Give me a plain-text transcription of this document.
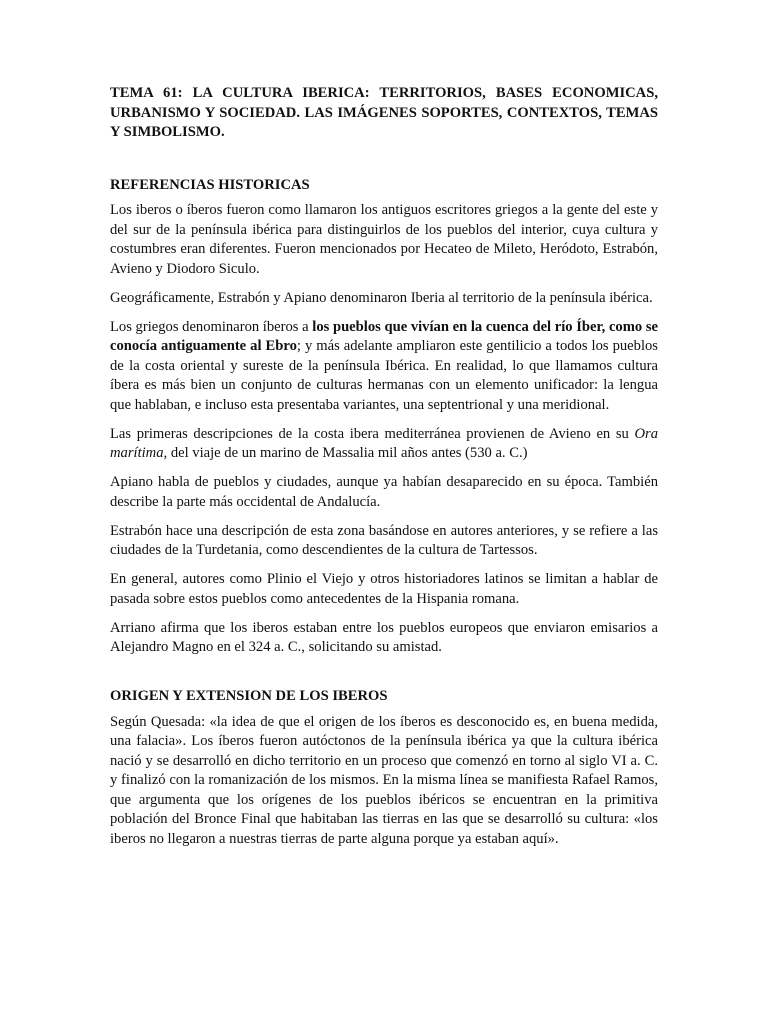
TEMA 61: LA CULTURA IBERICA: TERRITORIOS, BASES ECONOMICAS, URBANISMO Y SOCIEDAD. LAS IMÁGENES SOPORTES, CONTEXTOS, TEMAS Y SIMBOLISMO.
REFERENCIAS HISTORICAS

Los iberos o íberos fueron como llamaron los antiguos escritores griegos a la gente del este y del sur de la península ibérica para distinguirlos de los pueblos del interior, cuya cultura y costumbres eran diferentes. Fueron mencionados por Hecateo de Mileto, Heródoto, Estrabón, Avieno y Diodoro Siculo.

Geográficamente, Estrabón y Apiano denominaron Iberia al territorio de la península ibérica.

Los griegos denominaron íberos a los pueblos que vivían en la cuenca del río Íber, como se conocía antiguamente al Ebro; y más adelante ampliaron este gentilicio a todos los pueblos de la costa oriental y sureste de la península Ibérica. En realidad, lo que llamamos cultura íbera es más bien un conjunto de culturas hermanas con un elemento unificador: la lengua que hablaban, e incluso esta presentaba variantes, una septentrional y una meridional.

Las primeras descripciones de la costa ibera mediterránea provienen de Avieno en su Ora marítima, del viaje de un marino de Massalia mil años antes (530 a. C.)

Apiano habla de pueblos y ciudades, aunque ya habían desaparecido en su época. También describe la parte más occidental de Andalucía.

Estrabón hace una descripción de esta zona basándose en autores anteriores, y se refiere a las ciudades de la Turdetania, como descendientes de la cultura de Tartessos.

En general, autores como Plinio el Viejo y otros historiadores latinos se limitan a hablar de pasada sobre estos pueblos como antecedentes de la Hispania romana.

Arriano afirma que los iberos estaban entre los pueblos europeos que enviaron emisarios a Alejandro Magno en el 324 a. C., solicitando su amistad.

ORIGEN Y EXTENSION DE LOS IBEROS

Según Quesada: «la idea de que el origen de los íberos es desconocido es, en buena medida, una falacia». Los íberos fueron autóctonos de la península ibérica ya que la cultura ibérica nació y se desarrolló en dicho territorio en un proceso que comenzó en torno al siglo VI a. C. y finalizó con la romanización de los mismos. En la misma línea se manifiesta Rafael Ramos, que argumenta que los orígenes de los pueblos ibéricos se encuentran en la primitiva población del Bronce Final que habitaban las tierras en las que se desarrolló su cultura: «los iberos no llegaron a nuestras tierras de parte alguna porque ya estaban aquí».
